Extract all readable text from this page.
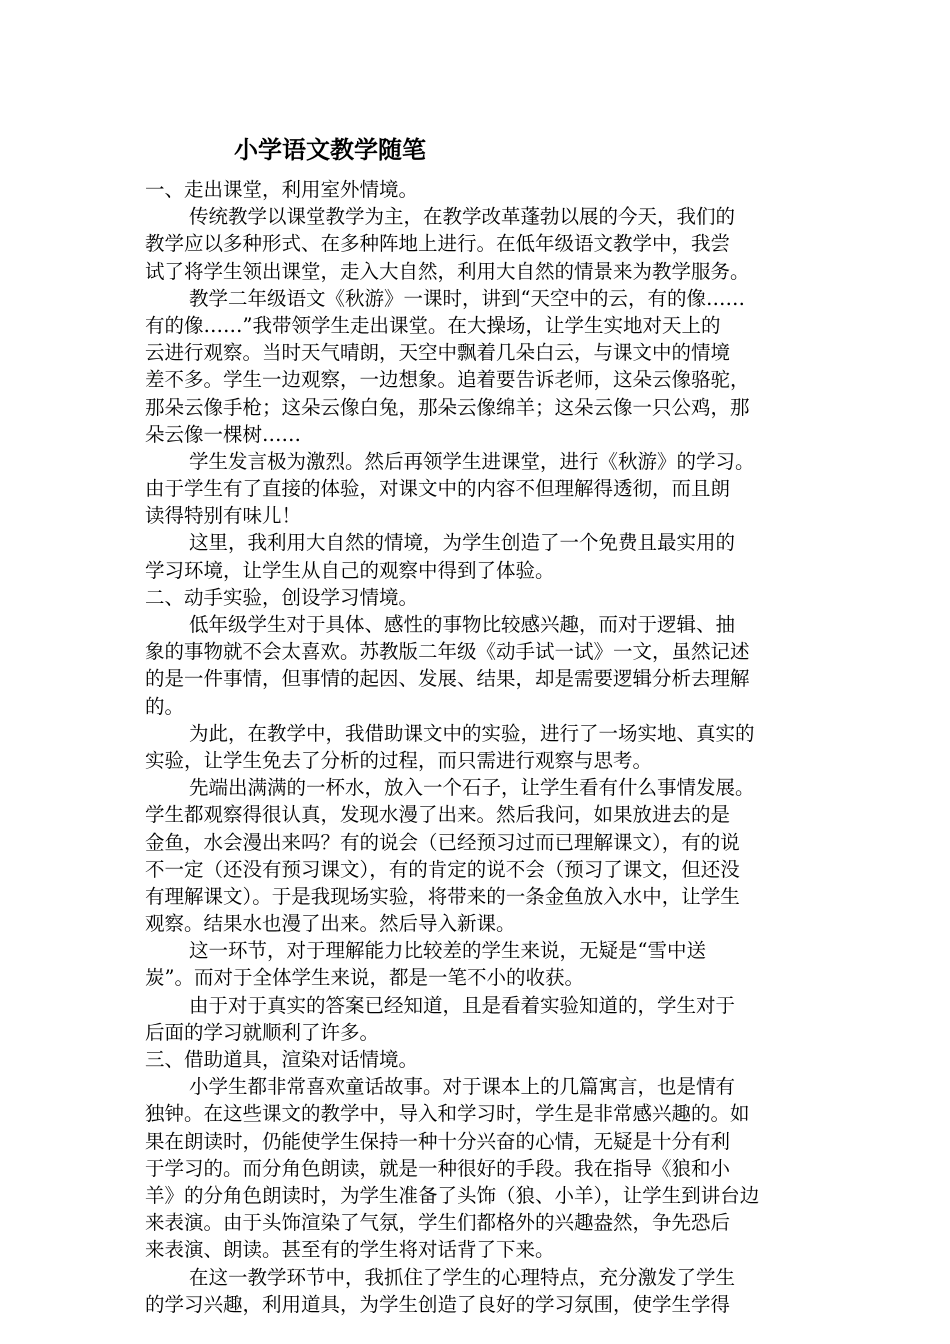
小学语文教学随笔
一、走出课堂，利用室外情境。
传统教学以课堂教学为主，在教学改革蓬勃以展的今天，我们的
教学应以多种形式、在多种阵地上进行。在低年级语文教学中，我尝
试了将学生领出课堂，走入大自然，利用大自然的情景来为教学服务。
教学二年级语文《秋游》一课时，讲到“天空中的云，有的像……
有的像……”我带领学生走出课堂。在大操场，让学生实地对天上的
云进行观察。当时天气晴朗，天空中飘着几朵白云，与课文中的情境
差不多。学生一边观察，一边想象。追着要告诉老师，这朵云像骆驼，
那朵云像手枪；这朵云像白兔，那朵云像绵羊；这朵云像一只公鸡，那
朵云像一棵树……
学生发言极为激烈。然后再领学生进课堂，进行《秋游》的学习。
由于学生有了直接的体验，对课文中的内容不但理解得透彻，而且朗
读得特别有味儿！
这里，我利用大自然的情境，为学生创造了一个免费且最实用的
学习环境，让学生从自己的观察中得到了体验。
二、动手实验，创设学习情境。
低年级学生对于具体、感性的事物比较感兴趣，而对于逻辑、抽
象的事物就不会太喜欢。苏教版二年级《动手试一试》一文，虽然记述
的是一件事情，但事情的起因、发展、结果，却是需要逻辑分析去理解
的。
为此，在教学中，我借助课文中的实验，进行了一场实地、真实的
实验，让学生免去了分析的过程，而只需进行观察与思考。
先端出满满的一杯水，放入一个石子，让学生看有什么事情发展。
学生都观察得很认真，发现水漫了出来。然后我问，如果放进去的是
金鱼，水会漫出来吗？有的说会（已经预习过而已理解课文），有的说
不一定（还没有预习课文），有的肯定的说不会（预习了课文，但还没
有理解课文）。于是我现场实验，将带来的一条金鱼放入水中，让学生
观察。结果水也漫了出来。然后导入新课。
这一环节，对于理解能力比较差的学生来说，无疑是“雪中送
炭”。而对于全体学生来说，都是一笔不小的收获。
由于对于真实的答案已经知道，且是看着实验知道的，学生对于
后面的学习就顺利了许多。
三、借助道具，渲染对话情境。
小学生都非常喜欢童话故事。对于课本上的几篇寓言，也是情有
独钟。在这些课文的教学中，导入和学习时，学生是非常感兴趣的。如
果在朗读时，仍能使学生保持一种十分兴奋的心情，无疑是十分有利
于学习的。而分角色朗读，就是一种很好的手段。我在指导《狼和小
羊》的分角色朗读时，为学生准备了头饰（狼、小羊），让学生到讲台边
来表演。由于头饰渲染了气氛，学生们都格外的兴趣盎然，争先恐后
来表演、朗读。甚至有的学生将对话背了下来。
在这一教学环节中，我抓住了学生的心理特点，充分激发了学生
的学习兴趣，利用道具，为学生创造了良好的学习氛围，使学生学得
